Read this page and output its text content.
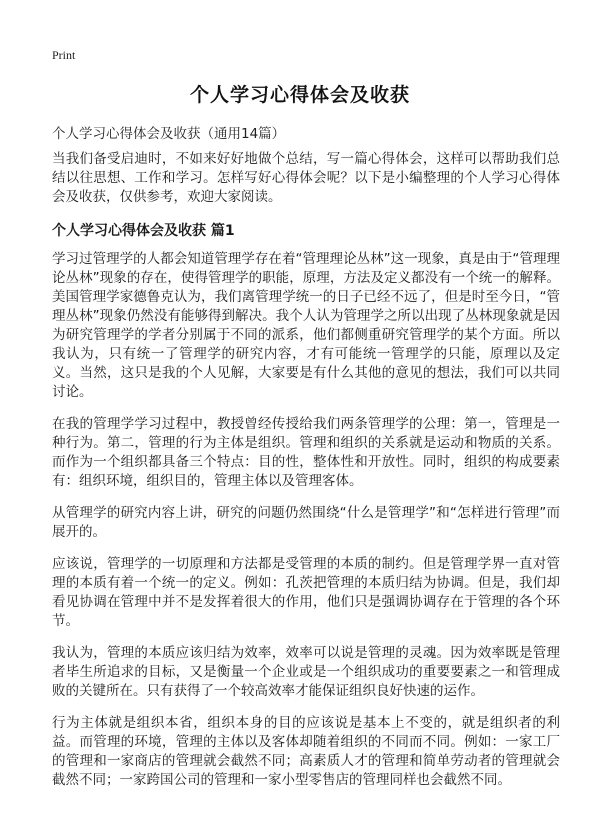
Print
个人学习心得体会及收获
个人学习心得体会及收获（通用14篇）

当我们备受启迪时，不如来好好地做个总结，写一篇心得体会，这样可以帮助我们总结以往思想、工作和学习。怎样写好心得体会呢？以下是小编整理的个人学习心得体会及收获，仅供参考，欢迎大家阅读。

个人学习心得体会及收获 篇1

学习过管理学的人都会知道管理学存在着“管理理论丛林”这一现象，真是由于“管理理论丛林”现象的存在，使得管理学的职能，原理，方法及定义都没有一个统一的解释。美国管理学家德鲁克认为，我们离管理学统一的日子已经不远了，但是时至今日，“管理丛林”现象仍然没有能够得到解决。我个人认为管理学之所以出现了丛林现象就是因为研究管理学的学者分别属于不同的派系，他们都侧重研究管理学的某个方面。所以我认为，只有统一了管理学的研究内容，才有可能统一管理学的只能，原理以及定义。当然，这只是我的个人见解，大家要是有什么其他的意见的想法，我们可以共同讨论。

在我的管理学学习过程中，教授曾经传授给我们两条管理学的公理：第一，管理是一种行为。第二，管理的行为主体是组织。管理和组织的关系就是运动和物质的关系。而作为一个组织都具备三个特点：目的性，整体性和开放性。同时，组织的构成要素有：组织环境，组织目的，管理主体以及管理客体。

从管理学的研究内容上讲，研究的问题仍然围绕“什么是管理学”和“怎样进行管理”而展开的。

应该说，管理学的一切原理和方法都是受管理的本质的制约。但是管理学界一直对管理的本质有着一个统一的定义。例如：孔茨把管理的本质归结为协调。但是，我们却看见协调在管理中并不是发挥着很大的作用，他们只是强调协调存在于管理的各个环节。

我认为，管理的本质应该归结为效率，效率可以说是管理的灵魂。因为效率既是管理者毕生所追求的目标，又是衡量一个企业或是一个组织成功的重要要素之一和管理成败的关键所在。只有获得了一个较高效率才能保证组织良好快速的运作。

行为主体就是组织本省，组织本身的目的应该说是基本上不变的，就是组织者的利益。而管理的环境，管理的主体以及客体却随着组织的不同而不同。例如：一家工厂的管理和一家商店的管理就会截然不同；高素质人才的管理和简单劳动者的管理就会截然不同；一家跨国公司的管理和一家小型零售店的管理同样也会截然不同。
